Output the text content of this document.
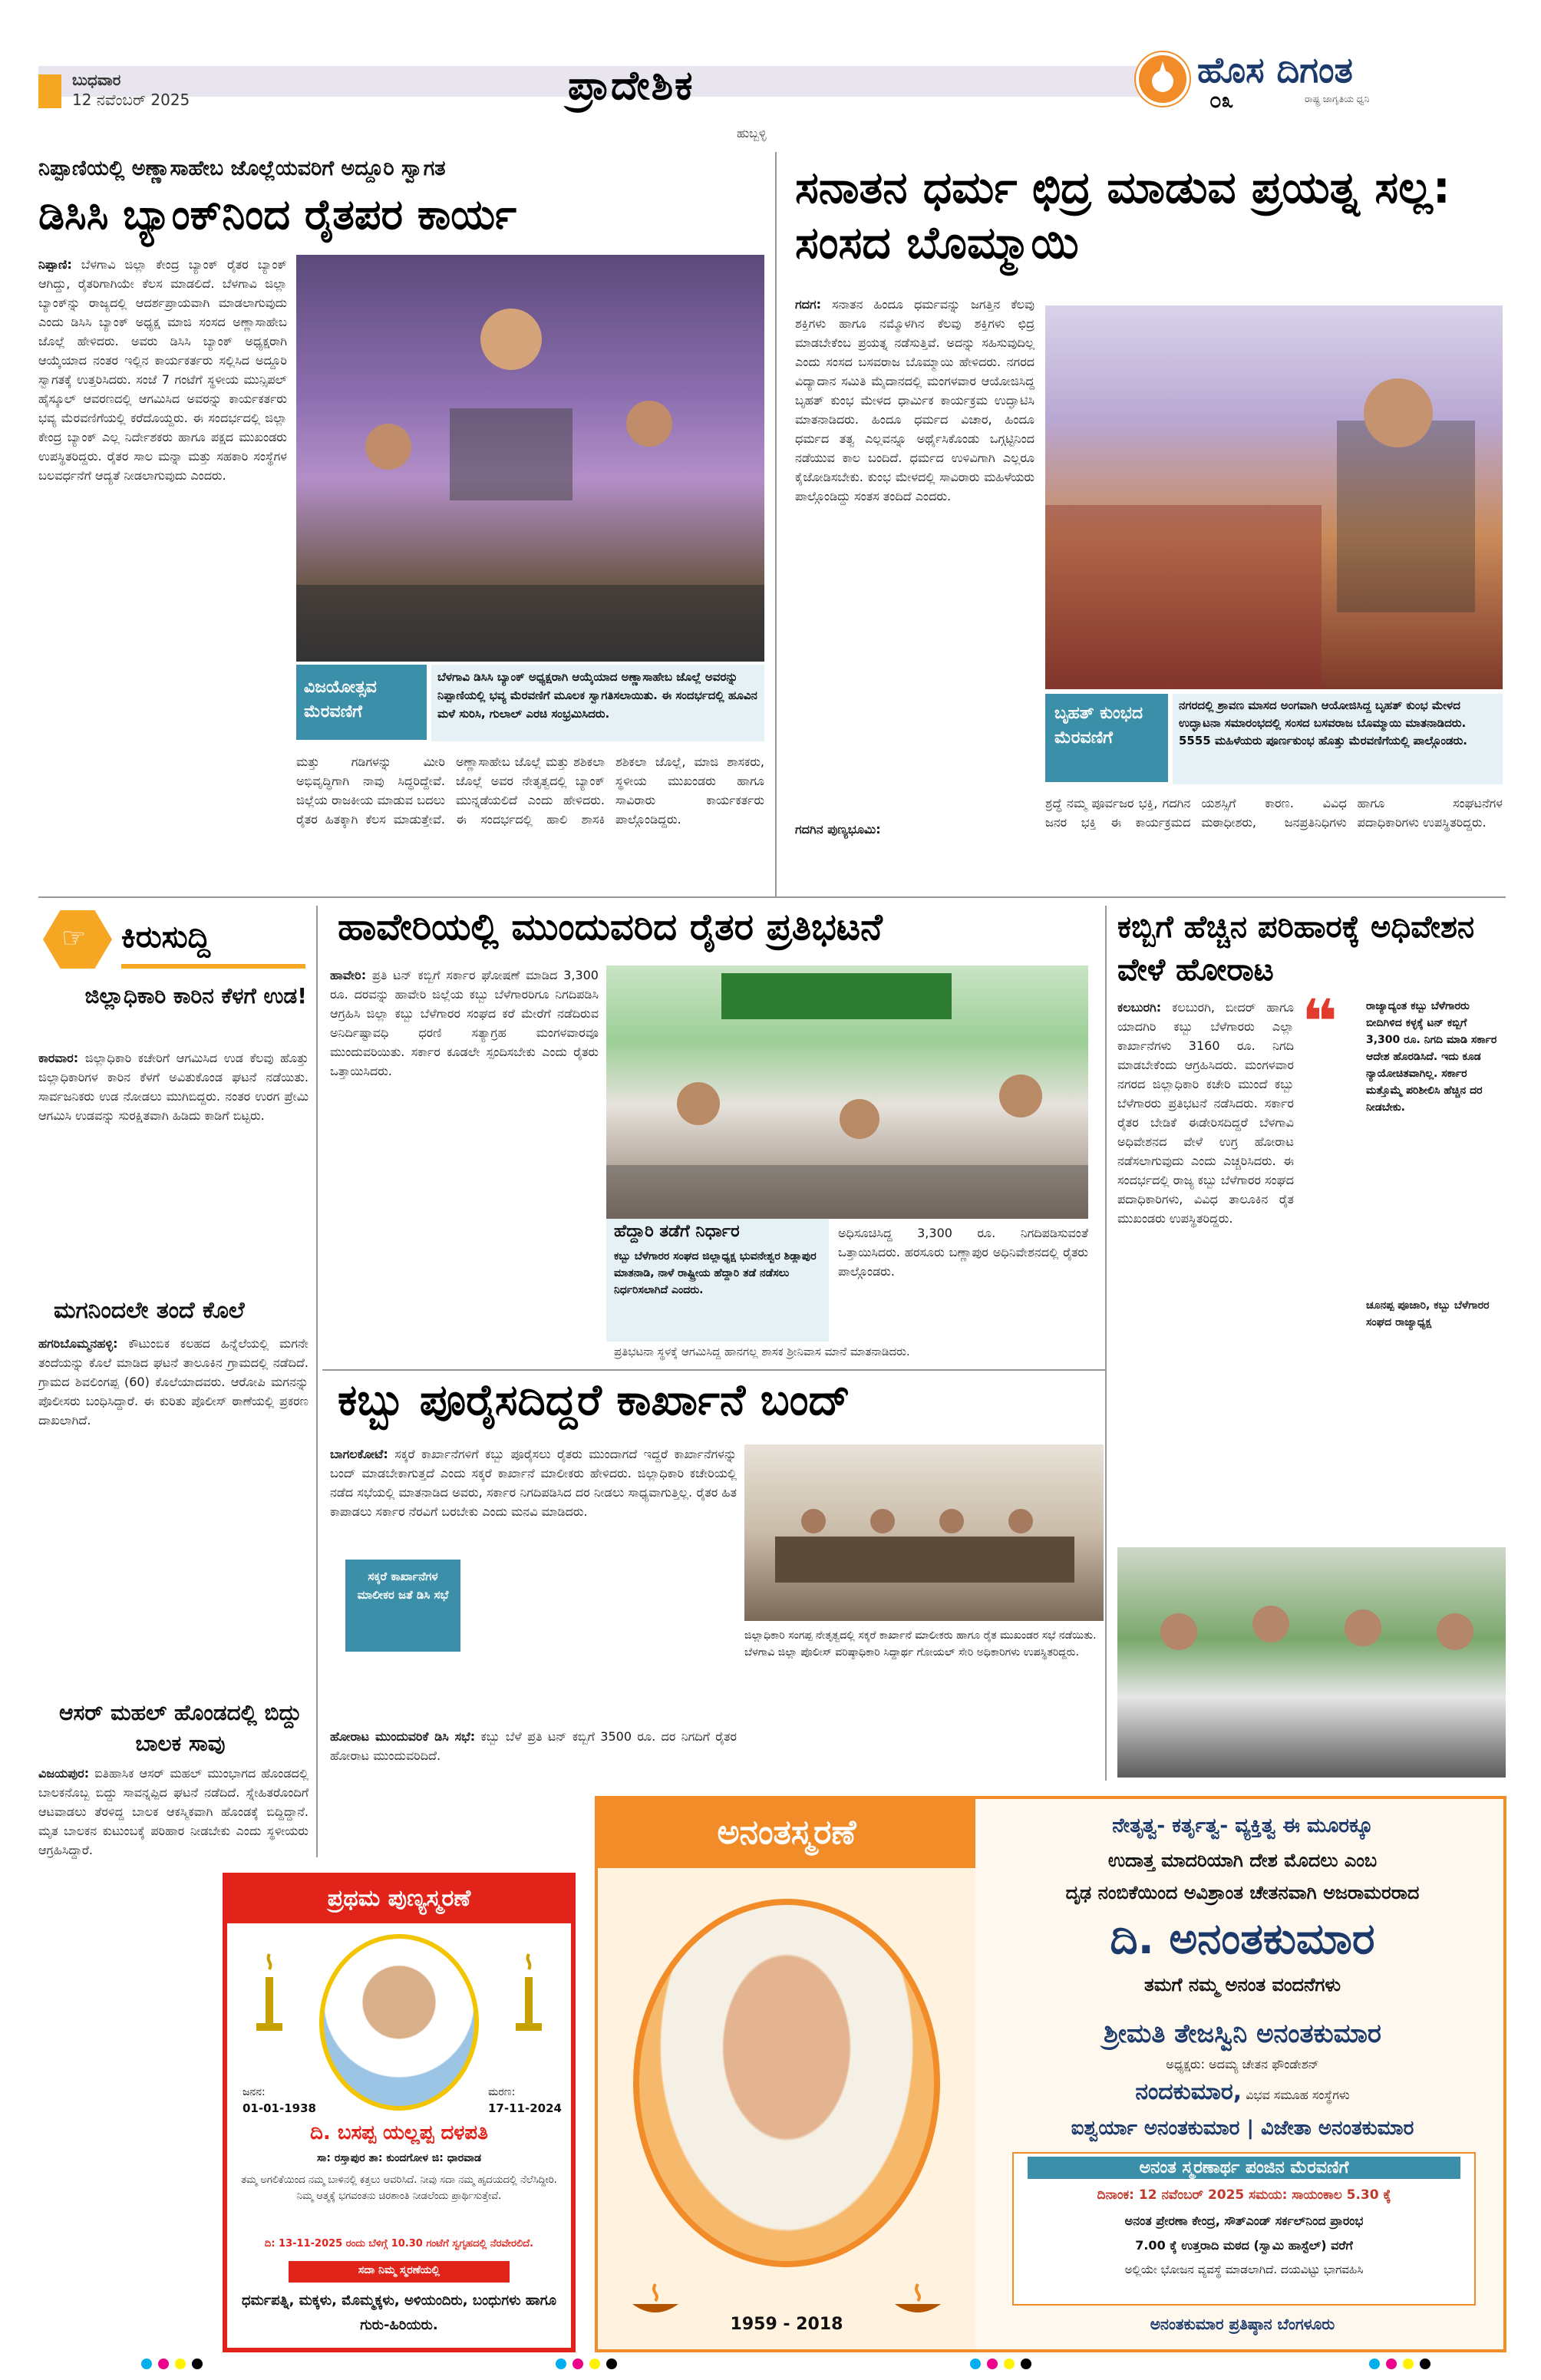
ಬುಧವಾರ
12 ನವೆಂಬರ್ 2025	ಪ್ರಾದೇಶಿಕ
ಹುಬ್ಬಳ್ಳಿ
ಹೊಸ ದಿಗಂತ
ರಾಷ್ಟ್ರ ಜಾಗೃತಿಯ ಧ್ವನಿ
೦೩
ನಿಪ್ಪಾಣಿಯಲ್ಲಿ ಅಣ್ಣಾಸಾಹೇಬ ಜೊಲ್ಲೆಯವರಿಗೆ ಅದ್ದೂರಿ ಸ್ವಾಗತ
ಡಿಸಿಸಿ ಬ್ಯಾಂಕ್‌ನಿಂದ ರೈತಪರ ಕಾರ್ಯ
ನಿಪ್ಪಾಣಿ: ಬೆಳಗಾವಿ ಜಿಲ್ಲಾ ಕೇಂದ್ರ ಬ್ಯಾಂಕ್ ರೈತರ ಬ್ಯಾಂಕ್ ಆಗಿದ್ದು, ರೈತರಿಗಾಗಿಯೇ ಕೆಲಸ ಮಾಡಲಿದೆ. ಬೆಳಗಾವಿ ಜಿಲ್ಲಾ ಬ್ಯಾಂಕ್‌ನ್ನು ರಾಜ್ಯದಲ್ಲಿ ಆದರ್ಶಪ್ರಾಯವಾಗಿ ಮಾಡಲಾಗುವುದು ಎಂದು ಡಿಸಿಸಿ ಬ್ಯಾಂಕ್ ಅಧ್ಯಕ್ಷ ಮಾಜಿ ಸಂಸದ ಅಣ್ಣಾಸಾಹೇಬ ಜೊಲ್ಲೆ ಹೇಳಿದರು. ಅವರು ಡಿಸಿಸಿ ಬ್ಯಾಂಕ್ ಅಧ್ಯಕ್ಷರಾಗಿ ಆಯ್ಕೆಯಾದ ನಂತರ ಇಲ್ಲಿನ ಕಾರ್ಯಕರ್ತರು ಸಲ್ಲಿಸಿದ ಅದ್ದೂರಿ ಸ್ವಾಗತಕ್ಕೆ ಉತ್ತರಿಸಿದರು. ಸಂಜೆ 7 ಗಂಟೆಗೆ ಸ್ಥಳೀಯ ಮುನ್ಸಿಪಲ್ ಹೈಸ್ಕೂಲ್ ಆವರಣದಲ್ಲಿ ಆಗಮಿಸಿದ ಅವರನ್ನು ಕಾರ್ಯಕರ್ತರು ಭವ್ಯ ಮೆರವಣಿಗೆಯಲ್ಲಿ ಕರೆದೊಯ್ದರು. ಈ ಸಂದರ್ಭದಲ್ಲಿ ಜಿಲ್ಲಾ ಕೇಂದ್ರ ಬ್ಯಾಂಕ್ ಎಲ್ಲ ನಿರ್ದೇಶಕರು ಹಾಗೂ ಪಕ್ಷದ ಮುಖಂಡರು ಉಪಸ್ಥಿತರಿದ್ದರು. ರೈತರ ಸಾಲ ಮನ್ನಾ ಮತ್ತು ಸಹಕಾರಿ ಸಂಸ್ಥೆಗಳ ಬಲವರ್ಧನೆಗೆ ಆದ್ಯತೆ ನೀಡಲಾಗುವುದು ಎಂದರು.
ವಿಜಯೋತ್ಸವ ಮೆರವಣಿಗೆ
ಬೆಳಗಾವಿ ಡಿಸಿಸಿ ಬ್ಯಾಂಕ್ ಅಧ್ಯಕ್ಷರಾಗಿ ಆಯ್ಕೆಯಾದ ಅಣ್ಣಾಸಾಹೇಬ ಜೊಲ್ಲೆ ಅವರನ್ನು ನಿಪ್ಪಾಣಿಯಲ್ಲಿ ಭವ್ಯ ಮೆರವಣಿಗೆ ಮೂಲಕ ಸ್ವಾಗತಿಸಲಾಯಿತು. ಈ ಸಂದರ್ಭದಲ್ಲಿ ಹೂವಿನ ಮಳೆ ಸುರಿಸಿ, ಗುಲಾಲ್ ಎರಚಿ ಸಂಭ್ರಮಿಸಿದರು.
ಮತ್ತು ಗಡಿಗಳನ್ನು ಮೀರಿ ಅಭಿವೃದ್ಧಿಗಾಗಿ ನಾವು ಸಿದ್ಧರಿದ್ದೇವೆ. ಜಿಲ್ಲೆಯ ರಾಜಕೀಯ ಮಾಡುವ ಬದಲು ರೈತರ ಹಿತಕ್ಕಾಗಿ ಕೆಲಸ ಮಾಡುತ್ತೇವೆ. ಅಣ್ಣಾಸಾಹೇಬ ಜೊಲ್ಲೆ ಮತ್ತು ಶಶಿಕಲಾ ಜೊಲ್ಲೆ ಅವರ ನೇತೃತ್ವದಲ್ಲಿ ಬ್ಯಾಂಕ್ ಮುನ್ನಡೆಯಲಿದೆ ಎಂದು ಹೇಳಿದರು. ಈ ಸಂದರ್ಭದಲ್ಲಿ ಹಾಲಿ ಶಾಸಕಿ ಶಶಿಕಲಾ ಜೊಲ್ಲೆ, ಮಾಜಿ ಶಾಸಕರು, ಸ್ಥಳೀಯ ಮುಖಂಡರು ಹಾಗೂ ಸಾವಿರಾರು ಕಾರ್ಯಕರ್ತರು ಪಾಲ್ಗೊಂಡಿದ್ದರು.
ಸನಾತನ ಧರ್ಮ ಛಿದ್ರ ಮಾಡುವ ಪ್ರಯತ್ನ ಸಲ್ಲ: ಸಂಸದ ಬೊಮ್ಮಾಯಿ
ಗದಗ: ಸನಾತನ ಹಿಂದೂ ಧರ್ಮವನ್ನು ಜಗತ್ತಿನ ಕೆಲವು ಶಕ್ತಿಗಳು ಹಾಗೂ ನಮ್ಮೊಳಗಿನ ಕೆಲವು ಶಕ್ತಿಗಳು ಛಿದ್ರ ಮಾಡಬೇಕೆಂಬ ಪ್ರಯತ್ನ ನಡೆಸುತ್ತಿವೆ. ಅದನ್ನು ಸಹಿಸುವುದಿಲ್ಲ ಎಂದು ಸಂಸದ ಬಸವರಾಜ ಬೊಮ್ಮಾಯಿ ಹೇಳಿದರು. ನಗರದ ವಿದ್ಯಾದಾನ ಸಮಿತಿ ಮೈದಾನದಲ್ಲಿ ಮಂಗಳವಾರ ಆಯೋಜಿಸಿದ್ದ ಬೃಹತ್ ಕುಂಭ ಮೇಳದ ಧಾರ್ಮಿಕ ಕಾರ್ಯಕ್ರಮ ಉದ್ಘಾಟಿಸಿ ಮಾತನಾಡಿದರು. ಹಿಂದೂ ಧರ್ಮದ ವಿಚಾರ, ಹಿಂದೂ ಧರ್ಮದ ತತ್ವ ಎಲ್ಲವನ್ನೂ ಅರ್ಥೈಸಿಕೊಂಡು ಒಗ್ಗಟ್ಟಿನಿಂದ ನಡೆಯುವ ಕಾಲ ಬಂದಿದೆ. ಧರ್ಮದ ಉಳಿವಿಗಾಗಿ ಎಲ್ಲರೂ ಕೈಜೋಡಿಸಬೇಕು. ಕುಂಭ ಮೇಳದಲ್ಲಿ ಸಾವಿರಾರು ಮಹಿಳೆಯರು ಪಾಲ್ಗೊಂಡಿದ್ದು ಸಂತಸ ತಂದಿದೆ ಎಂದರು.
ಬೃಹತ್ ಕುಂಭದ ಮೆರವಣಿಗೆ
ನಗರದಲ್ಲಿ ಶ್ರಾವಣ ಮಾಸದ ಅಂಗವಾಗಿ ಆಯೋಜಿಸಿದ್ದ ಬೃಹತ್ ಕುಂಭ ಮೇಳದ ಉದ್ಘಾಟನಾ ಸಮಾರಂಭದಲ್ಲಿ ಸಂಸದ ಬಸವರಾಜ ಬೊಮ್ಮಾಯಿ ಮಾತನಾಡಿದರು. 5555 ಮಹಿಳೆಯರು ಪೂರ್ಣಕುಂಭ ಹೊತ್ತು ಮೆರವಣಿಗೆಯಲ್ಲಿ ಪಾಲ್ಗೊಂಡರು.
ಶ್ರದ್ಧೆ ನಮ್ಮ ಪೂರ್ವಜರ ಭಕ್ತಿ, ಗದಗಿನ ಜನರ ಭಕ್ತಿ ಈ ಕಾರ್ಯಕ್ರಮದ ಯಶಸ್ಸಿಗೆ ಕಾರಣ. ವಿವಿಧ ಮಠಾಧೀಶರು, ಜನಪ್ರತಿನಿಧಿಗಳು ಹಾಗೂ ಸಂಘಟನೆಗಳ ಪದಾಧಿಕಾರಿಗಳು ಉಪಸ್ಥಿತರಿದ್ದರು.
ಗದಗಿನ ಪುಣ್ಯಭೂಮಿ:
☞ ಕಿರುಸುದ್ದಿ
ಜಿಲ್ಲಾಧಿಕಾರಿ ಕಾರಿನ ಕೆಳಗೆ ಉಡ!
ಕಾರವಾರ: ಜಿಲ್ಲಾಧಿಕಾರಿ ಕಚೇರಿಗೆ ಆಗಮಿಸಿದ ಉಡ ಕೆಲವು ಹೊತ್ತು ಜಿಲ್ಲಾಧಿಕಾರಿಗಳ ಕಾರಿನ ಕೆಳಗೆ ಅವಿತುಕೊಂಡ ಘಟನೆ ನಡೆಯಿತು. ಸಾರ್ವಜನಿಕರು ಉಡ ನೋಡಲು ಮುಗಿಬಿದ್ದರು. ನಂತರ ಉರಗ ಪ್ರೇಮಿ ಆಗಮಿಸಿ ಉಡವನ್ನು ಸುರಕ್ಷಿತವಾಗಿ ಹಿಡಿದು ಕಾಡಿಗೆ ಬಿಟ್ಟರು.
ಮಗನಿಂದಲೇ ತಂದೆ ಕೊಲೆ
ಹಗರಿಬೊಮ್ಮನಹಳ್ಳಿ: ಕೌಟುಂಬಿಕ ಕಲಹದ ಹಿನ್ನೆಲೆಯಲ್ಲಿ ಮಗನೇ ತಂದೆಯನ್ನು ಕೊಲೆ ಮಾಡಿದ ಘಟನೆ ತಾಲೂಕಿನ ಗ್ರಾಮದಲ್ಲಿ ನಡೆದಿದೆ. ಗ್ರಾಮದ ಶಿವಲಿಂಗಪ್ಪ (60) ಕೊಲೆಯಾದವರು. ಆರೋಪಿ ಮಗನನ್ನು ಪೊಲೀಸರು ಬಂಧಿಸಿದ್ದಾರೆ. ಈ ಕುರಿತು ಪೊಲೀಸ್ ಠಾಣೆಯಲ್ಲಿ ಪ್ರಕರಣ ದಾಖಲಾಗಿದೆ.
ಆಸರ್ ಮಹಲ್ ಹೊಂಡದಲ್ಲಿ ಬಿದ್ದು ಬಾಲಕ ಸಾವು
ವಿಜಯಪುರ: ಐತಿಹಾಸಿಕ ಆಸರ್ ಮಹಲ್ ಮುಂಭಾಗದ ಹೊಂಡದಲ್ಲಿ ಬಾಲಕನೊಬ್ಬ ಬಿದ್ದು ಸಾವನ್ನಪ್ಪಿದ ಘಟನೆ ನಡೆದಿದೆ. ಸ್ನೇಹಿತರೊಂದಿಗೆ ಆಟವಾಡಲು ತೆರಳಿದ್ದ ಬಾಲಕ ಆಕಸ್ಮಿಕವಾಗಿ ಹೊಂಡಕ್ಕೆ ಬಿದ್ದಿದ್ದಾನೆ. ಮೃತ ಬಾಲಕನ ಕುಟುಂಬಕ್ಕೆ ಪರಿಹಾರ ನೀಡಬೇಕು ಎಂದು ಸ್ಥಳೀಯರು ಆಗ್ರಹಿಸಿದ್ದಾರೆ.
ಹಾವೇರಿಯಲ್ಲಿ ಮುಂದುವರಿದ ರೈತರ ಪ್ರತಿಭಟನೆ
ಹಾವೇರಿ: ಪ್ರತಿ ಟನ್ ಕಬ್ಬಿಗೆ ಸರ್ಕಾರ ಘೋಷಣೆ ಮಾಡಿದ 3,300 ರೂ. ದರವನ್ನು ಹಾವೇರಿ ಜಿಲ್ಲೆಯ ಕಬ್ಬು ಬೆಳೆಗಾರರಿಗೂ ನಿಗದಿಪಡಿಸಿ ಆಗ್ರಹಿಸಿ ಜಿಲ್ಲಾ ಕಬ್ಬು ಬೆಳೆಗಾರರ ಸಂಘದ ಕರೆ ಮೇರೆಗೆ ನಡೆದಿರುವ ಅನಿರ್ದಿಷ್ಟಾವಧಿ ಧರಣಿ ಸತ್ಯಾಗ್ರಹ ಮಂಗಳವಾರವೂ ಮುಂದುವರಿಯಿತು. ಸರ್ಕಾರ ಕೂಡಲೇ ಸ್ಪಂದಿಸಬೇಕು ಎಂದು ರೈತರು ಒತ್ತಾಯಿಸಿದರು.
ಹೆದ್ದಾರಿ ತಡೆಗೆ ನಿರ್ಧಾರ
ಕಬ್ಬು ಬೆಳೆಗಾರರ ಸಂಘದ ಜಿಲ್ಲಾಧ್ಯಕ್ಷ ಭುವನೇಶ್ವರ ಶಿಡ್ಲಾಪುರ ಮಾತನಾಡಿ, ನಾಳೆ ರಾಷ್ಟ್ರೀಯ ಹೆದ್ದಾರಿ ತಡೆ ನಡೆಸಲು ನಿರ್ಧರಿಸಲಾಗಿದೆ ಎಂದರು.
ಅಧಿಸೂಚಿಸಿದ್ದ 3,300 ರೂ. ನಿಗದಿಪಡಿಸುವಂತೆ ಒತ್ತಾಯಿಸಿದರು. ಹರಸೂರು ಬಣ್ಣಾಪುರ ಅಧಿನಿವೇಶನದಲ್ಲಿ ರೈತರು ಪಾಲ್ಗೊಂಡರು.
ಪ್ರತಿಭಟನಾ ಸ್ಥಳಕ್ಕೆ ಆಗಮಿಸಿದ್ದ ಹಾನಗಲ್ಲ ಶಾಸಕ ಶ್ರೀನಿವಾಸ ಮಾನೆ ಮಾತನಾಡಿದರು.
ಕಬ್ಬಿಗೆ ಹೆಚ್ಚಿನ ಪರಿಹಾರಕ್ಕೆ ಅಧಿವೇಶನ ವೇಳೆ ಹೋರಾಟ
ಕಲಬುರಗಿ: ಕಲಬುರಗಿ, ಬೀದರ್ ಹಾಗೂ ಯಾದಗಿರಿ ಕಬ್ಬು ಬೆಳೆಗಾರರು ಎಲ್ಲಾ ಕಾರ್ಖಾನೆಗಳು 3160 ರೂ. ನಿಗದಿ ಮಾಡಬೇಕೆಂದು ಆಗ್ರಹಿಸಿದರು. ಮಂಗಳವಾರ ನಗರದ ಜಿಲ್ಲಾಧಿಕಾರಿ ಕಚೇರಿ ಮುಂದೆ ಕಬ್ಬು ಬೆಳೆಗಾರರು ಪ್ರತಿಭಟನೆ ನಡೆಸಿದರು. ಸರ್ಕಾರ ರೈತರ ಬೇಡಿಕೆ ಈಡೇರಿಸದಿದ್ದರೆ ಬೆಳಗಾವಿ ಅಧಿವೇಶನದ ವೇಳೆ ಉಗ್ರ ಹೋರಾಟ ನಡೆಸಲಾಗುವುದು ಎಂದು ಎಚ್ಚರಿಸಿದರು. ಈ ಸಂದರ್ಭದಲ್ಲಿ ರಾಜ್ಯ ಕಬ್ಬು ಬೆಳೆಗಾರರ ಸಂಘದ ಪದಾಧಿಕಾರಿಗಳು, ವಿವಿಧ ತಾಲೂಕಿನ ರೈತ ಮುಖಂಡರು ಉಪಸ್ಥಿತರಿದ್ದರು.
❝	ರಾಜ್ಯಾದ್ಯಂತ ಕಬ್ಬು ಬೆಳೆಗಾರರು ಬೀದಿಗಿಳಿದ ಕಳ್ಳಕ್ಕೆ ಟನ್ ಕಬ್ಬಿಗೆ 3,300 ರೂ. ನಿಗದಿ ಮಾಡಿ ಸರ್ಕಾರ ಆದೇಶ ಹೊರಡಿಸಿದೆ. ಇದು ಕೂಡ ನ್ಯಾಯೋಚಿತವಾಗಿಲ್ಲ. ಸರ್ಕಾರ ಮತ್ತೊಮ್ಮೆ ಪರಿಶೀಲಿಸಿ ಹೆಚ್ಚಿನ ದರ ನೀಡಬೇಕು.
ಚೂನಪ್ಪ ಪೂಜಾರಿ, ಕಬ್ಬು ಬೆಳೆಗಾರರ ಸಂಘದ ರಾಜ್ಯಾಧ್ಯಕ್ಷ
ಕಬ್ಬು ಪೂರೈಸದಿದ್ದರೆ ಕಾರ್ಖಾನೆ ಬಂದ್
ಬಾಗಲಕೋಟೆ: ಸಕ್ಕರೆ ಕಾರ್ಖಾನೆಗಳಿಗೆ ಕಬ್ಬು ಪೂರೈಸಲು ರೈತರು ಮುಂದಾಗದೆ ಇದ್ದರೆ ಕಾರ್ಖಾನೆಗಳನ್ನು ಬಂದ್ ಮಾಡಬೇಕಾಗುತ್ತದೆ ಎಂದು ಸಕ್ಕರೆ ಕಾರ್ಖಾನೆ ಮಾಲೀಕರು ಹೇಳಿದರು. ಜಿಲ್ಲಾಧಿಕಾರಿ ಕಚೇರಿಯಲ್ಲಿ ನಡೆದ ಸಭೆಯಲ್ಲಿ ಮಾತನಾಡಿದ ಅವರು, ಸರ್ಕಾರ ನಿಗದಿಪಡಿಸಿದ ದರ ನೀಡಲು ಸಾಧ್ಯವಾಗುತ್ತಿಲ್ಲ. ರೈತರ ಹಿತ ಕಾಪಾಡಲು ಸರ್ಕಾರ ನೆರವಿಗೆ ಬರಬೇಕು ಎಂದು ಮನವಿ ಮಾಡಿದರು.
ಸಕ್ಕರೆ ಕಾರ್ಖಾನೆಗಳ ಮಾಲೀಕರ ಜತೆ ಡಿಸಿ ಸಭೆ
ಜಿಲ್ಲಾಧಿಕಾರಿ ಸಂಗಪ್ಪ ನೇತೃತ್ವದಲ್ಲಿ ಸಕ್ಕರೆ ಕಾರ್ಖಾನೆ ಮಾಲೀಕರು ಹಾಗೂ ರೈತ ಮುಖಂಡರ ಸಭೆ ನಡೆಯಿತು. ಬೆಳಗಾವಿ ಜಿಲ್ಲಾ ಪೊಲೀಸ್ ವರಿಷ್ಠಾಧಿಕಾರಿ ಸಿದ್ದಾರ್ಥ ಗೋಯಲ್ ಸೇರಿ ಅಧಿಕಾರಿಗಳು ಉಪಸ್ಥಿತರಿದ್ದರು.
ಹೋರಾಟ ಮುಂದುವರಿಕೆ ಡಿಸಿ ಸಭೆ: ಕಬ್ಬು ಬೆಳೆ ಪ್ರತಿ ಟನ್ ಕಬ್ಬಿಗೆ 3500 ರೂ. ದರ ನಿಗದಿಗೆ ರೈತರ ಹೋರಾಟ ಮುಂದುವರಿದಿದೆ.
ಪ್ರಥಮ ಪುಣ್ಯಸ್ಮರಣೆ
ಜನನ:
01-01-1938
ಮರಣ:
17-11-2024
ದಿ. ಬಸಪ್ಪ ಯಲ್ಲಪ್ಪ ದಳಪತಿ
ಸಾ: ರಸ್ತಾಪುರ ತಾ: ಕುಂದಗೋಳ ಜಿ: ಧಾರವಾಡ
ತಮ್ಮ ಅಗಲಿಕೆಯಿಂದ ನಮ್ಮ ಬಾಳಿನಲ್ಲಿ ಕತ್ತಲು ಆವರಿಸಿದೆ. ನೀವು ಸದಾ ನಮ್ಮ ಹೃದಯದಲ್ಲಿ ನೆಲೆಸಿದ್ದೀರಿ. ನಿಮ್ಮ ಆತ್ಮಕ್ಕೆ ಭಗವಂತನು ಚಿರಶಾಂತಿ ನೀಡಲೆಂದು ಪ್ರಾರ್ಥಿಸುತ್ತೇವೆ.
ದಿ: 13-11-2025 ರಂದು ಬೆಳಿಗ್ಗೆ 10.30 ಗಂಟೆಗೆ ಸ್ವಗೃಹದಲ್ಲಿ ನೆರವೇರಲಿದೆ.
ಸದಾ ನಿಮ್ಮ ಸ್ಮರಣೆಯಲ್ಲಿ
ಧರ್ಮಪತ್ನಿ, ಮಕ್ಕಳು, ಮೊಮ್ಮಕ್ಕಳು, ಅಳಿಯಂದಿರು, ಬಂಧುಗಳು ಹಾಗೂ ಗುರು-ಹಿರಿಯರು.
ಅನಂತಸ್ಮರಣೆ
1959 - 2018
ನೇತೃತ್ವ- ಕರ್ತೃತ್ವ- ವ್ಯಕ್ತಿತ್ವ ಈ ಮೂರಕ್ಕೂ
ಉದಾತ್ತ ಮಾದರಿಯಾಗಿ ದೇಶ ಮೊದಲು ಎಂಬ
ದೃಢ ನಂಬಿಕೆಯಿಂದ ಅವಿಶ್ರಾಂತ ಚೇತನವಾಗಿ ಅಜರಾಮರರಾದ
ದಿ. ಅನಂತಕುಮಾರ
ತಮಗೆ ನಮ್ಮ ಅನಂತ ವಂದನೆಗಳು
ಶ್ರೀಮತಿ ತೇಜಸ್ವಿನಿ ಅನಂತಕುಮಾರ
ಅಧ್ಯಕ್ಷರು: ಅದಮ್ಯ ಚೇತನ ಫೌಂಡೇಶನ್
ನಂದಕುಮಾರ, ವಿಭವ ಸಮೂಹ ಸಂಸ್ಥೆಗಳು
ಐಶ್ವರ್ಯಾ ಅನಂತಕುಮಾರ | ವಿಜೇತಾ ಅನಂತಕುಮಾರ
ಅನಂತ ಸ್ಮರಣಾರ್ಥ ಪಂಜಿನ ಮೆರವಣಿಗೆ
ದಿನಾಂಕ: 12 ನವೆಂಬರ್ 2025 ಸಮಯ: ಸಾಯಂಕಾಲ 5.30 ಕ್ಕೆ
ಅನಂತ ಪ್ರೇರಣಾ ಕೇಂದ್ರ, ಸೌತ್‌ಎಂಡ್ ಸರ್ಕಲ್‌ನಿಂದ ಪ್ರಾರಂಭ
7.00 ಕ್ಕೆ ಉತ್ತರಾದಿ ಮಠದ (ಸ್ವಾಮಿ ಹಾಸ್ಟೆಲ್) ವರೆಗೆ
ಅಲ್ಲಿಯೇ ಭೋಜನ ವ್ಯವಸ್ಥೆ ಮಾಡಲಾಗಿದೆ. ದಯವಿಟ್ಟು ಭಾಗವಹಿಸಿ
ಅನಂತಕುಮಾರ ಪ್ರತಿಷ್ಠಾನ ಬೆಂಗಳೂರು
